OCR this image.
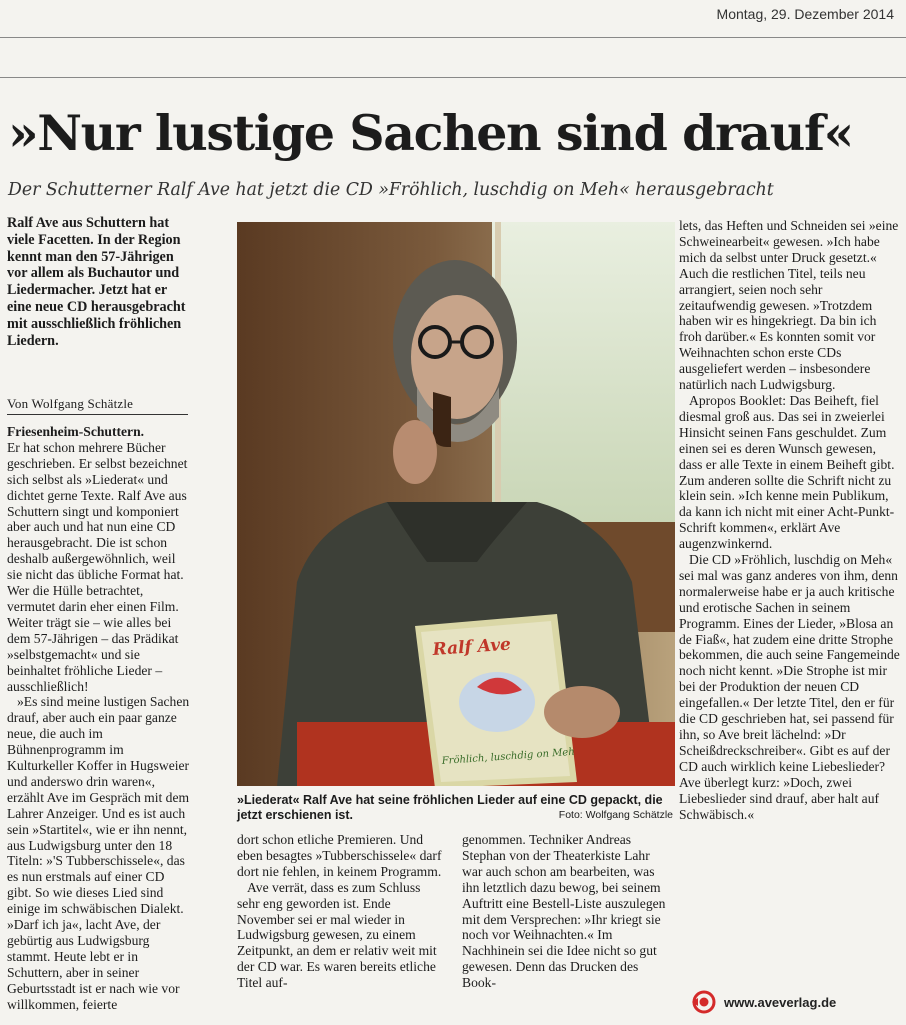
Montag, 29. Dezember 2014
»Nur lustige Sachen sind drauf«
Der Schutterner Ralf Ave hat jetzt die CD »Fröhlich, luschdig on Meh« herausgebracht
Ralf Ave aus Schuttern hat viele Facetten. In der Region kennt man den 57-Jährigen vor allem als Buchautor und Liedermacher. Jetzt hat er eine neue CD herausgebracht mit ausschließlich fröhlichen Liedern.
Von Wolfgang Schätzle

Friesenheim-Schuttern.

Er hat schon mehrere Bücher geschrieben. Er selbst bezeichnet sich selbst als »Liederat« und dichtet gerne Texte. Ralf Ave aus Schuttern singt und komponiert aber auch und hat nun eine CD herausgebracht. Die ist schon deshalb außergewöhnlich, weil sie nicht das übliche Format hat. Wer die Hülle betrachtet, vermutet darin eher einen Film. Weiter trägt sie – wie alles bei dem 57-Jährigen – das Prädikat »selbstgemacht« und sie beinhaltet fröhliche Lieder – ausschließlich!

»Es sind meine lustigen Sachen drauf, aber auch ein paar ganze neue, die auch im Bühnenprogramm im Kulturkeller Koffer in Hugsweier und anderswo drin waren«, erzählt Ave im Gespräch mit dem Lahrer Anzeiger. Und es ist auch sein »Startitel«, wie er ihn nennt, aus Ludwigsburg unter den 18 Titeln: »'S Tubberschissele«, das es nun erstmals auf einer CD gibt. So wie dieses Lied sind einige im schwäbischen Dialekt. »Darf ich ja«, lacht Ave, der gebürtig aus Ludwigsburg stammt. Heute lebt er in Schuttern, aber in seiner Geburtsstadt ist er nach wie vor willkommen, feierte

Ralf Ave
Fröhlich, luschdig on Meh
»Liederat« Ralf Ave hat seine fröhlichen Lieder auf eine CD gepackt, die jetzt erschienen ist.	Foto: Wolfgang Schätzle

dort schon etliche Premieren. Und eben besagtes »Tubberschissele« darf dort nie fehlen, in keinem Programm.

Ave verrät, dass es zum Schluss sehr eng geworden ist. Ende November sei er mal wieder in Ludwigsburg gewesen, zu einem Zeitpunkt, an dem er relativ weit mit der CD war. Es waren bereits etliche Titel auf-

genommen. Techniker Andreas Stephan von der Theaterkiste Lahr war auch schon am bearbeiten, was ihn letztlich dazu bewog, bei seinem Auftritt eine Bestell-Liste auszulegen mit dem Versprechen: »Ihr kriegt sie noch vor Weihnachten.« Im Nachhinein sei die Idee nicht so gut gewesen. Denn das Drucken des Book-

lets, das Heften und Schneiden sei »eine Schweinearbeit« gewesen. »Ich habe mich da selbst unter Druck gesetzt.« Auch die restlichen Titel, teils neu arrangiert, seien noch sehr zeitaufwendig gewesen. »Trotzdem haben wir es hingekriegt. Da bin ich froh darüber.« Es konnten somit vor Weihnachten schon erste CDs ausgeliefert werden – insbesondere natürlich nach Ludwigsburg.

Apropos Booklet: Das Beiheft, fiel diesmal groß aus. Das sei in zweierlei Hinsicht seinen Fans geschuldet. Zum einen sei es deren Wunsch gewesen, dass er alle Texte in einem Beiheft gibt. Zum anderen sollte die Schrift nicht zu klein sein. »Ich kenne mein Publikum, da kann ich nicht mit einer Acht-Punkt-Schrift kommen«, erklärt Ave augenzwinkernd.

Die CD »Fröhlich, luschdig on Meh« sei mal was ganz anderes von ihm, denn normalerweise habe er ja auch kritische und erotische Sachen in seinem Programm. Eines der Lieder, »Blosa an de Fiaß«, hat zudem eine dritte Strophe bekommen, die auch seine Fangemeinde noch nicht kennt. »Die Strophe ist mir bei der Produktion der neuen CD eingefallen.« Der letzte Titel, den er für die CD geschrieben hat, sei passend für ihn, so Ave breit lächelnd: »Dr Scheißdreckschreiber«. Gibt es auf der CD auch wirklich keine Liebeslieder? Ave überlegt kurz: »Doch, zwei Liebeslieder sind drauf, aber halt auf Schwäbisch.«

www.aveverlag.de
